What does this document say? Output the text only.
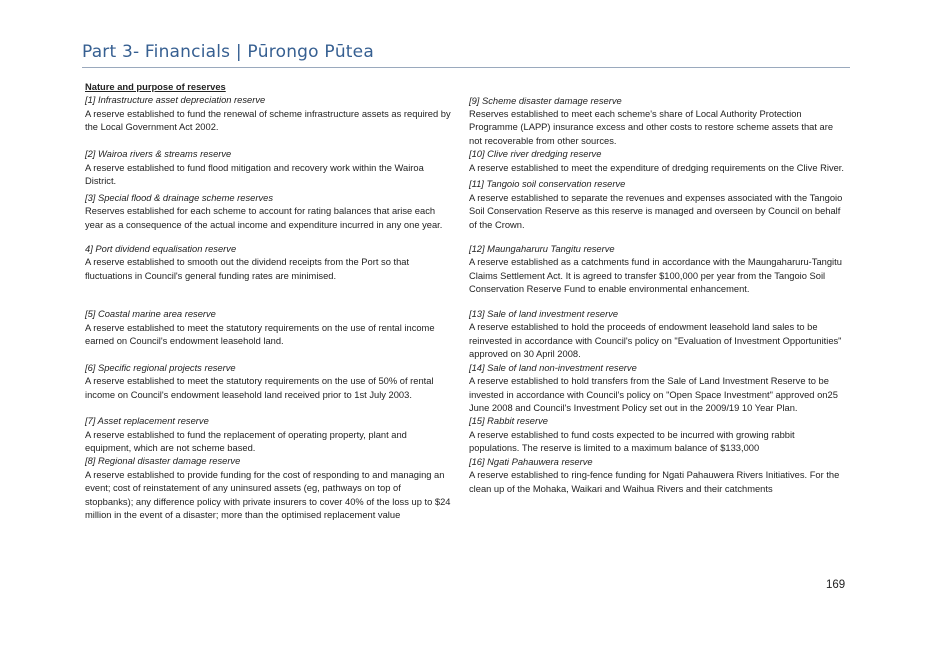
Part 3- Financials | Pūrongo Pūtea
Nature and purpose of reserves
[1] Infrastructure asset depreciation reserve
A reserve established to fund the renewal of scheme infrastructure assets as required by the Local Government Act 2002.
[2] Wairoa rivers & streams reserve
A reserve established to fund flood mitigation and recovery work within the Wairoa District.
[3] Special flood & drainage scheme reserves
Reserves established for each scheme to account for rating balances that arise each year as a consequence of the actual income and expenditure incurred in any one year.
4] Port dividend equalisation reserve
A reserve established to smooth out the dividend receipts from the Port so that fluctuations in Council's general funding rates are minimised.
[5] Coastal marine area reserve
A reserve established to meet the statutory requirements on the use of rental income earned on Council's endowment leasehold land.
[6] Specific regional projects reserve
A reserve established to meet the statutory requirements on the use of 50% of rental income on Council's endowment leasehold land received prior to 1st July 2003.
[7] Asset replacement reserve
A reserve established to fund the replacement of operating property, plant and equipment, which are not scheme based.
[8] Regional disaster damage reserve
A reserve established to provide funding for the cost of responding to and managing an event; cost of reinstatement of any uninsured assets (eg, pathways on top of stopbanks); any difference policy with private insurers to cover 40% of the loss up to $24 million in the event of a disaster; more than the optimised replacement value
[9] Scheme disaster damage reserve
Reserves established to meet each scheme's share of Local Authority Protection Programme (LAPP) insurance excess and other costs to restore scheme assets that are not recoverable from other sources.
[10] Clive river dredging reserve
A reserve established to meet the expenditure of dredging requirements on the Clive River.
[11] Tangoio soil conservation reserve
A reserve established to separate the revenues and expenses associated with the Tangoio Soil Conservation Reserve as this reserve is managed and overseen by Council on behalf of the Crown.
[12] Maungaharuru Tangitu reserve
A reserve established as a catchments fund in accordance with the Maungaharuru-Tangitu Claims Settlement Act. It is agreed to transfer $100,000 per year from the Tangoio Soil Conservation Reserve Fund to enable environmental enhancement.
[13] Sale of land investment reserve
A reserve established to hold the proceeds of endowment leasehold land sales to be reinvested in accordance with Council's policy on "Evaluation of Investment Opportunities" approved on 30 April 2008.
[14] Sale of land non-investment reserve
A reserve established to hold transfers from the Sale of Land Investment Reserve to be invested in accordance with Council's policy on "Open Space Investment" approved on25 June 2008 and Council's Investment Policy set out in the 2009/19 10 Year Plan.
[15] Rabbit reserve
A reserve established to fund costs expected to be incurred with growing rabbit populations. The reserve is limited to a maximum balance of $133,000
[16] Ngati Pahauwera reserve
A reserve established to ring-fence funding for Ngati Pahauwera Rivers Initiatives. For the clean up of the Mohaka, Waikari and Waihua Rivers and their catchments
169
